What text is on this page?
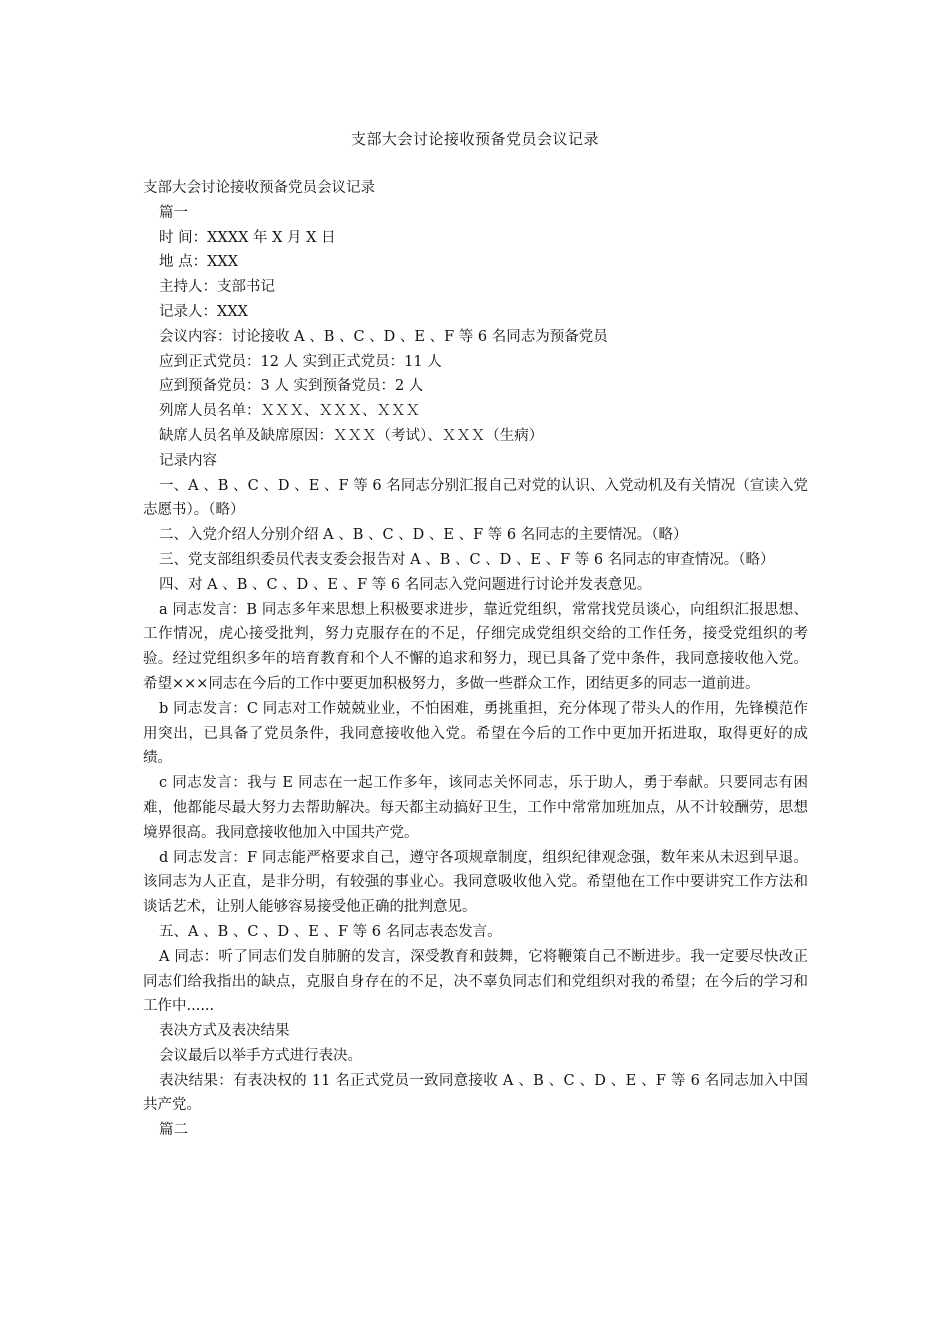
支部大会讨论接收预备党员会议记录

支部大会讨论接收预备党员会议记录

篇一

时 间：XXXX 年 X 月 X 日

地 点：XXX

主持人：支部书记

记录人：XXX

会议内容：讨论接收 A 、B 、C 、D 、E 、F 等 6 名同志为预备党员

应到正式党员：12 人 实到正式党员：11 人

应到预备党员：3 人 实到预备党员：2 人

列席人员名单：ＸＸＸ、ＸＸＸ、ＸＸＸ

缺席人员名单及缺席原因：ＸＸＸ（考试）、ＸＸＸ（生病）

记录内容

一、A 、B 、C 、D 、E 、F 等 6 名同志分别汇报自己对党的认识、入党动机及有关情况（宣读入党志愿书）。（略）

二、入党介绍人分别介绍 A 、B 、C 、D 、E 、F 等 6 名同志的主要情况。（略）

三、党支部组织委员代表支委会报告对 A 、B 、C 、D 、E 、F 等 6 名同志的审查情况。（略）

四、对 A 、B 、C 、D 、E 、F 等 6 名同志入党问题进行讨论并发表意见。

a 同志发言：B 同志多年来思想上积极要求进步，靠近党组织，常常找党员谈心，向组织汇报思想、工作情况，虎心接受批判，努力克服存在的不足，仔细完成党组织交给的工作任务，接受党组织的考验。经过党组织多年的培育教育和个人不懈的追求和努力，现已具备了党中条件，我同意接收他入党。希望×××同志在今后的工作中要更加积极努力，多做一些群众工作，团结更多的同志一道前进。

b 同志发言：C 同志对工作兢兢业业，不怕困难，勇挑重担，充分体现了带头人的作用，先锋模范作用突出，已具备了党员条件，我同意接收他入党。希望在今后的工作中更加开拓进取，取得更好的成绩。

c 同志发言：我与 E 同志在一起工作多年，该同志关怀同志，乐于助人，勇于奉献。只要同志有困难，他都能尽最大努力去帮助解决。每天都主动搞好卫生，工作中常常加班加点，从不计较酬劳，思想境界很高。我同意接收他加入中国共产党。

d 同志发言：F 同志能严格要求自己，遵守各项规章制度，组织纪律观念强，数年来从未迟到早退。该同志为人正直，是非分明，有较强的事业心。我同意吸收他入党。希望他在工作中要讲究工作方法和谈话艺术，让别人能够容易接受他正确的批判意见。

五、A 、B 、C 、D 、E 、F 等 6 名同志表态发言。

A 同志：听了同志们发自肺腑的发言，深受教育和鼓舞，它将鞭策自己不断进步。我一定要尽快改正同志们给我指出的缺点，克服自身存在的不足，决不辜负同志们和党组织对我的希望；在今后的学习和工作中......

表决方式及表决结果

会议最后以举手方式进行表决。

表决结果：有表决权的 11 名正式党员一致同意接收 A 、B 、C 、D 、E 、F 等 6 名同志加入中国共产党。

篇二
